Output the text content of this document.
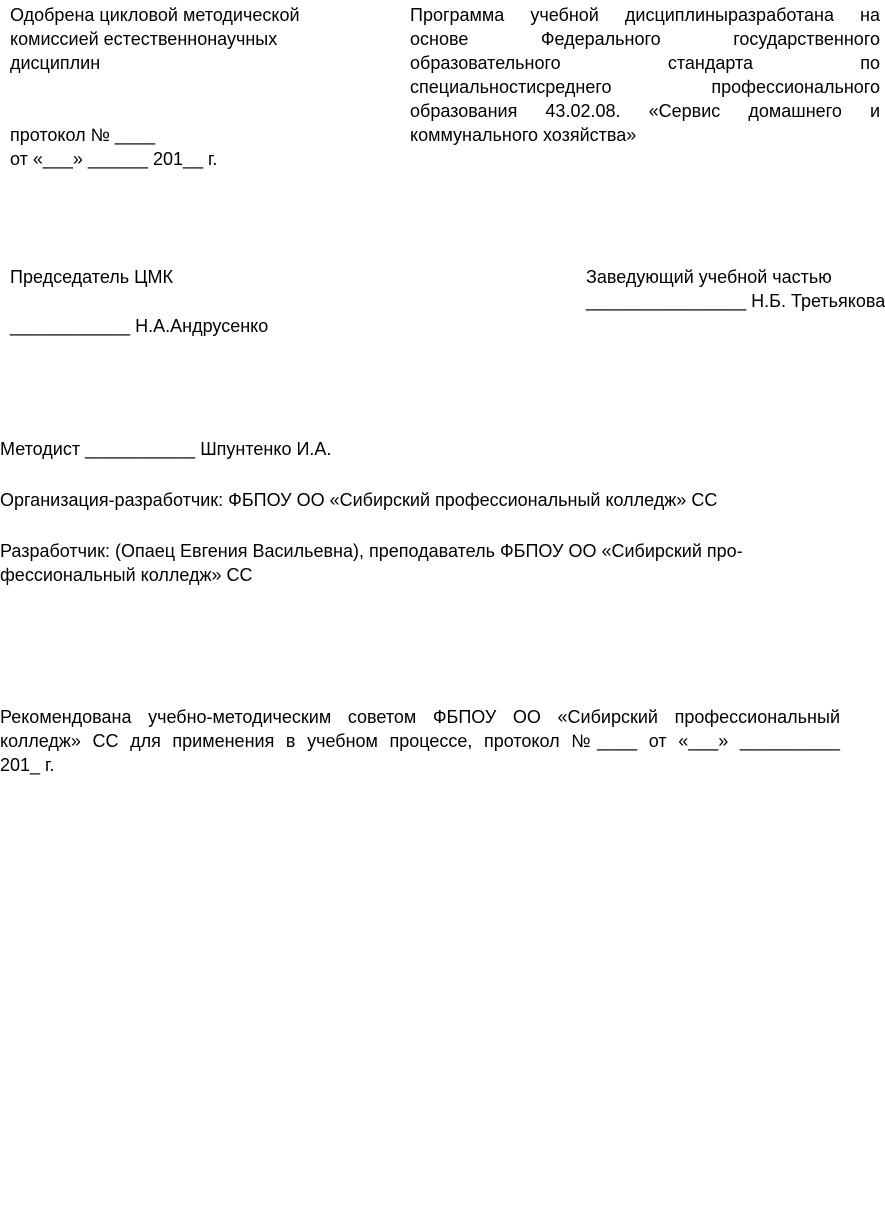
Одобрена цикловой методической
комиссией естественнонаучных
дисциплин
протокол № ____
от «___» ______ 201__ г.
Программа учебной дисциплиныразработана на
основе Федерального государственного
образовательного стандарта по
специальностисреднего профессионального
образования 43.02.08. «Сервис домашнего и
коммунального хозяйства»
Председатель ЦМК
____________ Н.А.Андрусенко
Заведующий учебной частью
________________ Н.Б. Третьякова
Методист ___________ Шпунтенко И.А.
Организация-разработчик: ФБПОУ ОО «Сибирский профессиональный колледж» СС
Разработчик: (Опаец Евгения Васильевна), преподаватель ФБПОУ ОО «Сибирский про-
фессиональный колледж» СС
Рекомендована учебно-методическим советом ФБПОУ ОО «Сибирский профессиональный
колледж» СС для применения в учебном процессе, протокол №____ от «___» __________
201_ г.
